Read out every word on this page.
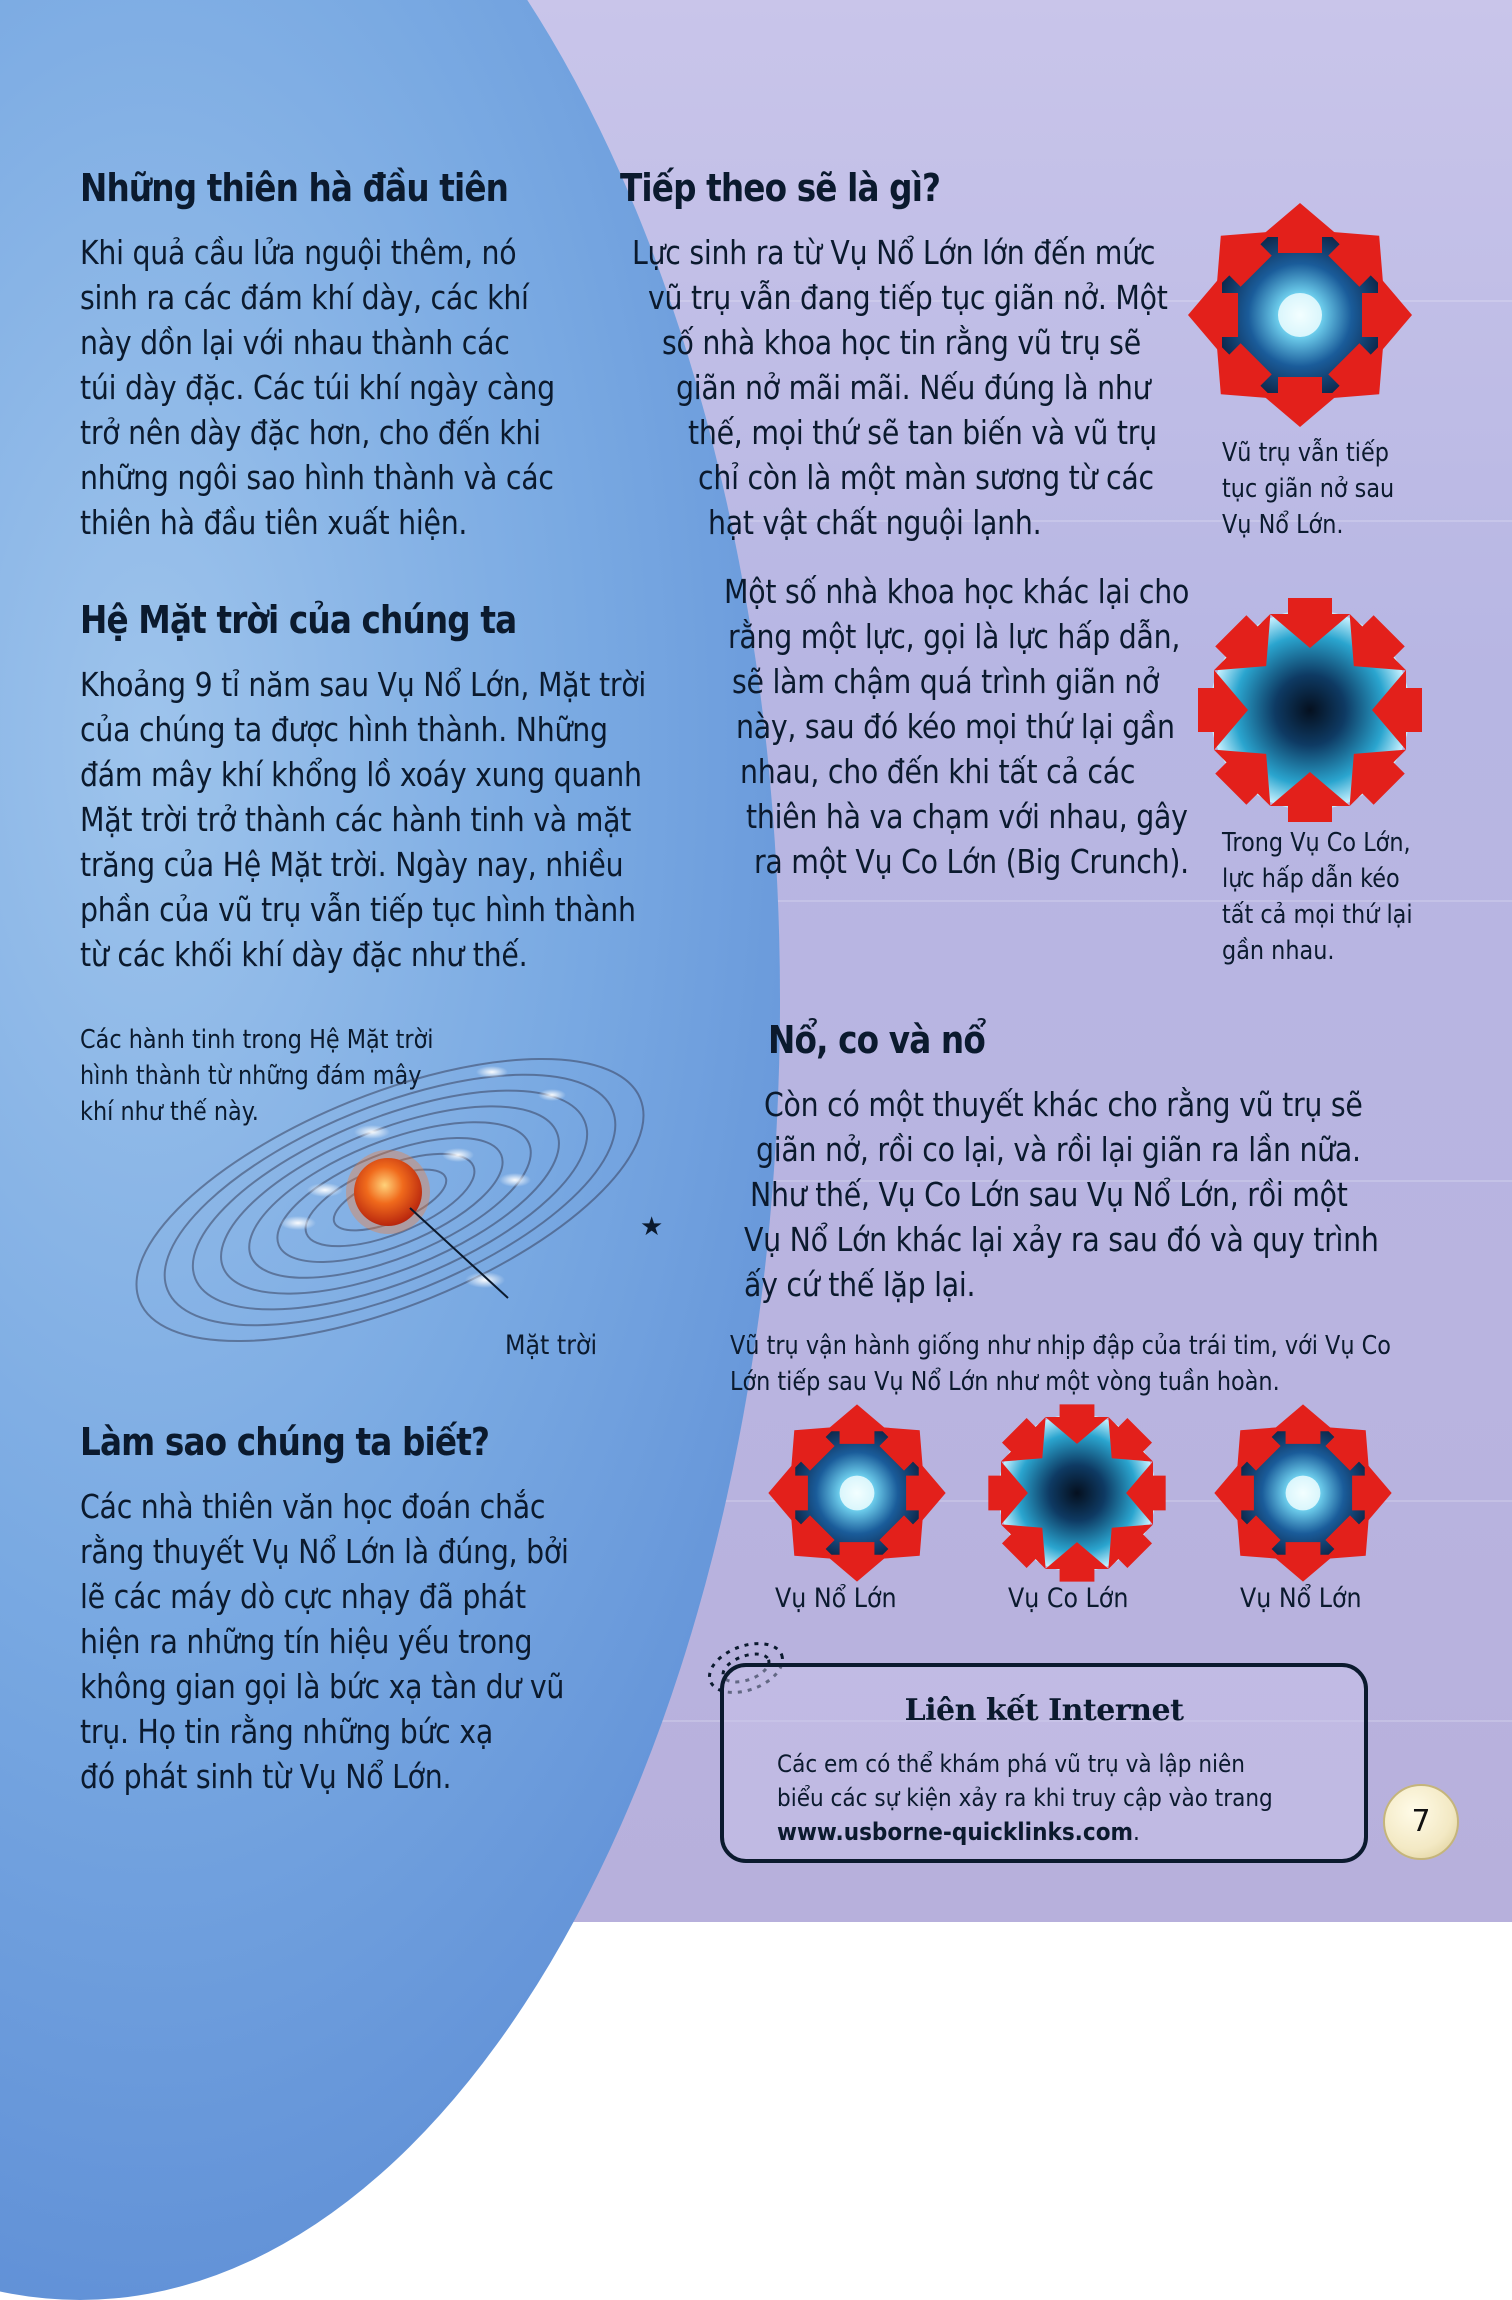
Những thiên hà đầu tiên
Khi quả cầu lửa nguội thêm, nó
sinh ra các đám khí dày, các khí
này dồn lại với nhau thành các
túi dày đặc. Các túi khí ngày càng
trở nên dày đặc hơn, cho đến khi
những ngôi sao hình thành và các
thiên hà đầu tiên xuất hiện.
Hệ Mặt trời của chúng ta
Khoảng 9 tỉ năm sau Vụ Nổ Lớn, Mặt trời
của chúng ta được hình thành. Những
đám mây khí khổng lồ xoáy xung quanh
Mặt trời trở thành các hành tinh và mặt
trăng của Hệ Mặt trời. Ngày nay, nhiều
phần của vũ trụ vẫn tiếp tục hình thành
từ các khối khí dày đặc như thế.
Các hành tinh trong Hệ Mặt trời
hình thành từ những đám mây
khí như thế này.
★
Mặt trời
Làm sao chúng ta biết?
Các nhà thiên văn học đoán chắc
rằng thuyết Vụ Nổ Lớn là đúng, bởi
lẽ các máy dò cực nhạy đã phát
hiện ra những tín hiệu yếu trong
không gian gọi là bức xạ tàn dư vũ
trụ. Họ tin rằng những bức xạ
đó phát sinh từ Vụ Nổ Lớn.
Tiếp theo sẽ là gì?
Lực sinh ra từ Vụ Nổ Lớn lớn đến mức
vũ trụ vẫn đang tiếp tục giãn nở. Một
số nhà khoa học tin rằng vũ trụ sẽ
giãn nở mãi mãi. Nếu đúng là như
thế, mọi thứ sẽ tan biến và vũ trụ
chỉ còn là một màn sương từ các
hạt vật chất nguội lạnh.
Một số nhà khoa học khác lại cho
rằng một lực, gọi là lực hấp dẫn,
sẽ làm chậm quá trình giãn nở
này, sau đó kéo mọi thứ lại gần
nhau, cho đến khi tất cả các
thiên hà va chạm với nhau, gây
ra một Vụ Co Lớn (Big Crunch).
Vũ trụ vẫn tiếp
tục giãn nở sau
Vụ Nổ Lớn.
Trong Vụ Co Lớn,
lực hấp dẫn kéo
tất cả mọi thứ lại
gần nhau.
Nổ, co và nổ
Còn có một thuyết khác cho rằng vũ trụ sẽ
giãn nở, rồi co lại, và rồi lại giãn ra lần nữa.
Như thế, Vụ Co Lớn sau Vụ Nổ Lớn, rồi một
Vụ Nổ Lớn khác lại xảy ra sau đó và quy trình
ấy cứ thế lặp lại.
Vũ trụ vận hành giống như nhịp đập của trái tim, với Vụ Co
Lớn tiếp sau Vụ Nổ Lớn như một vòng tuần hoàn.
Vụ Nổ Lớn	Vụ Co Lớn	Vụ Nổ Lớn
Liên kết Internet
Các em có thể khám phá vũ trụ và lập niên
biểu các sự kiện xảy ra khi truy cập vào trang
www.usborne-quicklinks.com.	7
